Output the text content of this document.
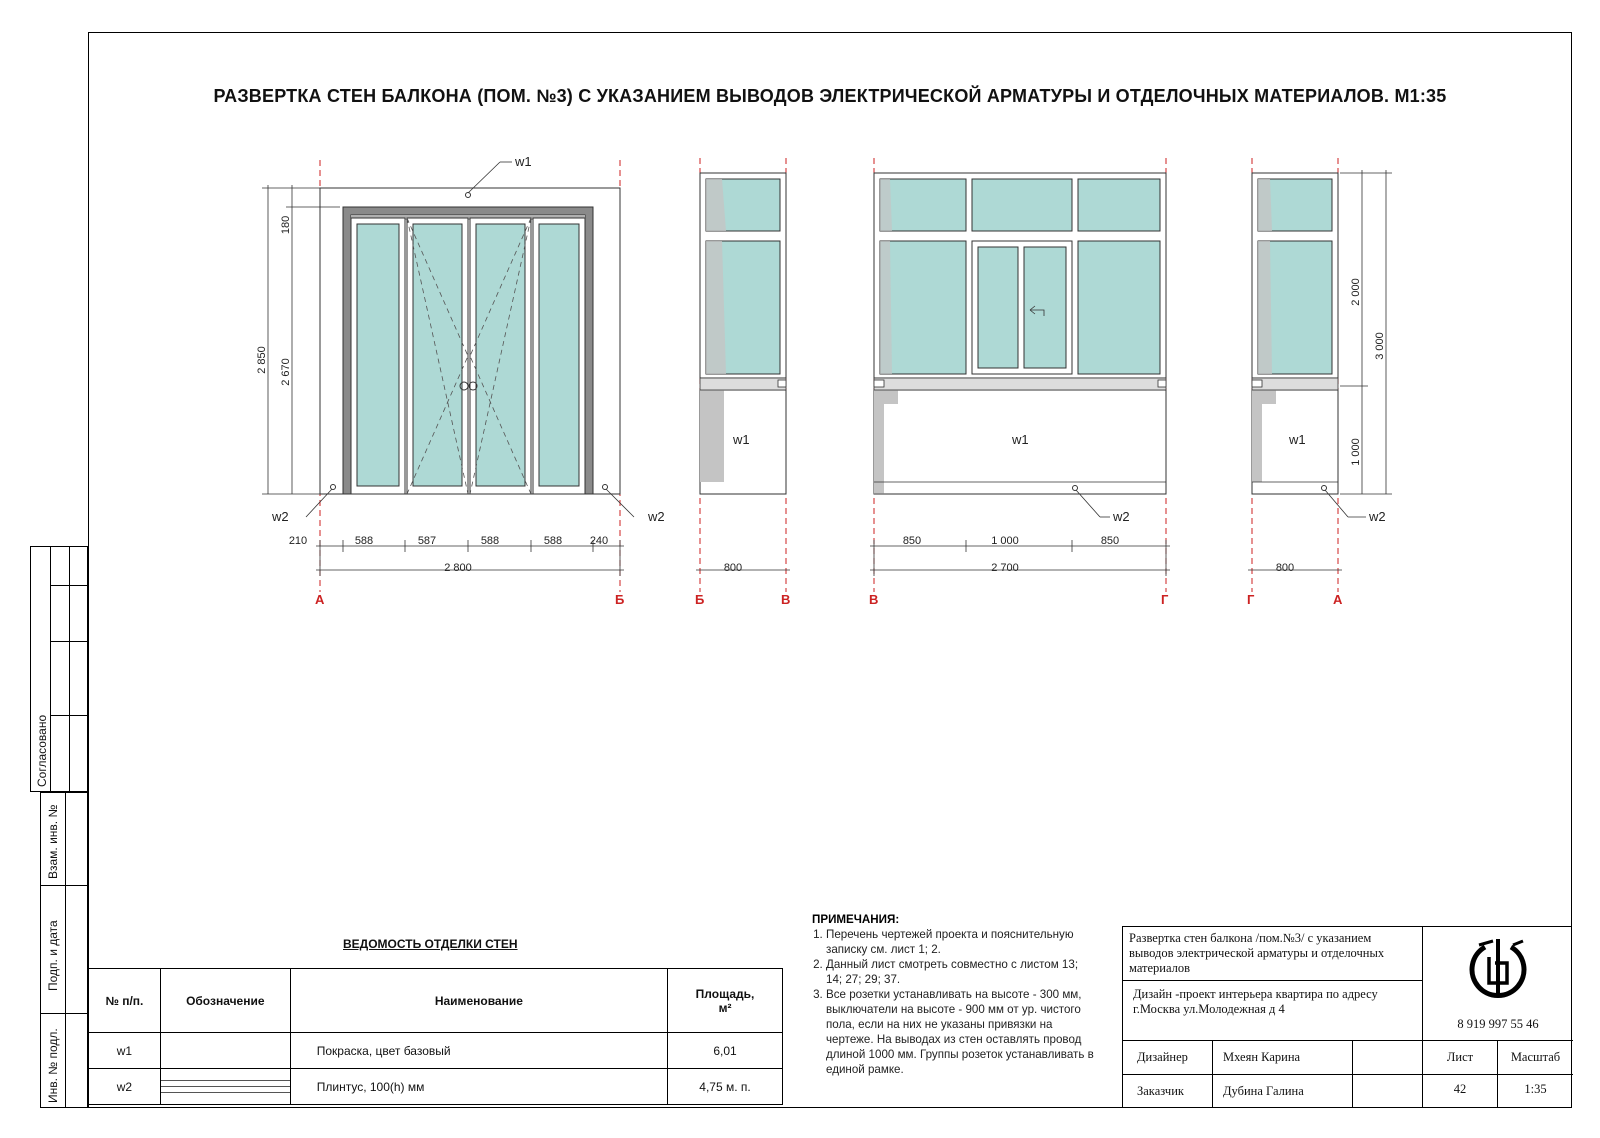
РАЗВЕРТКА СТЕН БАЛКОНА (ПОМ. №3) С УКАЗАНИЕМ ВЫВОДОВ ЭЛЕКТРИЧЕСКОЙ АРМАТУРЫ И ОТДЕЛОЧНЫХ МАТЕРИАЛОВ. М1:35
w1
w2	w2
2 850 2 670
180
210	588	587	588	588	240
2 800
А	Б
w1
800
Б	В
w1
w2
850	1 000	850
2 700
В	Г
w1
w2
2 000
1 000
3 000
800
Г	А
Согласовано
Взам. инв. №
Подп. и дата
Инв. № подл.
ВЕДОМОСТЬ ОТДЕЛКИ СТЕН
№ п/п.	Обозначение	Наименование	Площадь, м²
w1		Покраска, цвет базовый	6,01
w2		Плинтус, 100(h) мм	4,75 м. п.
ПРИМЕЧАНИЯ:
1. Перечень чертежей проекта и пояснительную записку см. лист 1; 2.
2. Данный лист смотреть совместно с листом 13; 14; 27; 29; 37.
3. Все розетки устанавливать на высоте - 300 мм, выключатели на высоте - 900 мм от ур. чистого пола, если на них не указаны привязки на чертеже. На выводах из стен оставлять провод длиной 1000 мм. Группы розеток устанавливать в единой рамке.
Развертка стен балкона /пом.№3/ с указанием выводов электрической арматуры и отделочных материалов
Дизайн -проект интерьера квартира по адресу г.Москва ул.Молодежная д 4
8 919 997 55 46
Дизайнер	Мхеян Карина	Лист	Масштаб
Заказчик	Дубина Галина	42	1:35
